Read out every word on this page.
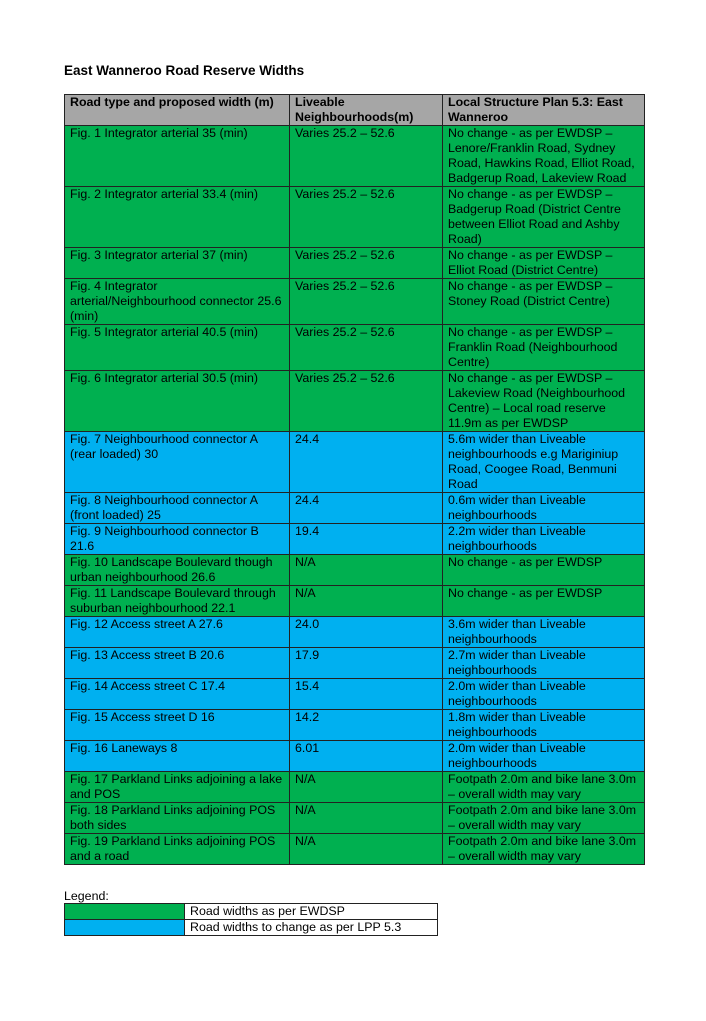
East Wanneroo Road Reserve Widths
Road type and proposed width (m)	Liveable Neighbourhoods(m)	Local Structure Plan 5.3: East Wanneroo
Fig. 1 Integrator arterial 35 (min)	Varies 25.2 – 52.6	No change - as per EWDSP – Lenore/Franklin Road, Sydney Road, Hawkins Road, Elliot Road, Badgerup Road, Lakeview Road
Fig. 2 Integrator arterial 33.4 (min)	Varies 25.2 – 52.6	No change - as per EWDSP – Badgerup Road (District Centre between Elliot Road and Ashby Road)
Fig. 3 Integrator arterial 37 (min)	Varies 25.2 – 52.6	No change - as per EWDSP – Elliot Road (District Centre)
Fig. 4 Integrator arterial/Neighbourhood connector 25.6 (min)	Varies 25.2 – 52.6	No change - as per EWDSP – Stoney Road (District Centre)
Fig. 5 Integrator arterial 40.5 (min)	Varies 25.2 – 52.6	No change - as per EWDSP – Franklin Road (Neighbourhood Centre)
Fig. 6 Integrator arterial 30.5 (min)	Varies 25.2 – 52.6	No change - as per EWDSP – Lakeview Road (Neighbourhood Centre) – Local road reserve 11.9m as per EWDSP
Fig. 7 Neighbourhood connector A (rear loaded) 30	24.4	5.6m wider than Liveable neighbourhoods e.g Mariginiup Road, Coogee Road, Benmuni Road
Fig. 8 Neighbourhood connector A (front loaded) 25	24.4	0.6m wider than Liveable neighbourhoods
Fig. 9 Neighbourhood connector B 21.6	19.4	2.2m wider than Liveable neighbourhoods
Fig. 10 Landscape Boulevard though urban neighbourhood 26.6	N/A	No change - as per EWDSP
Fig. 11 Landscape Boulevard through suburban neighbourhood 22.1	N/A	No change - as per EWDSP
Fig. 12 Access street A 27.6	24.0	3.6m wider than Liveable neighbourhoods
Fig. 13 Access street B 20.6	17.9	2.7m wider than Liveable neighbourhoods
Fig. 14 Access street C 17.4	15.4	2.0m wider than Liveable neighbourhoods
Fig. 15 Access street D 16	14.2	1.8m wider than Liveable neighbourhoods
Fig. 16 Laneways 8	6.01	2.0m wider than Liveable neighbourhoods
Fig. 17 Parkland Links adjoining a lake and POS	N/A	Footpath 2.0m and bike lane 3.0m – overall width may vary
Fig. 18 Parkland Links adjoining POS both sides	N/A	Footpath 2.0m and bike lane 3.0m – overall width may vary
Fig. 19 Parkland Links adjoining POS and a road	N/A	Footpath 2.0m and bike lane 3.0m – overall width may vary
Legend:
	Road widths as per EWDSP
	Road widths to change as per LPP 5.3
